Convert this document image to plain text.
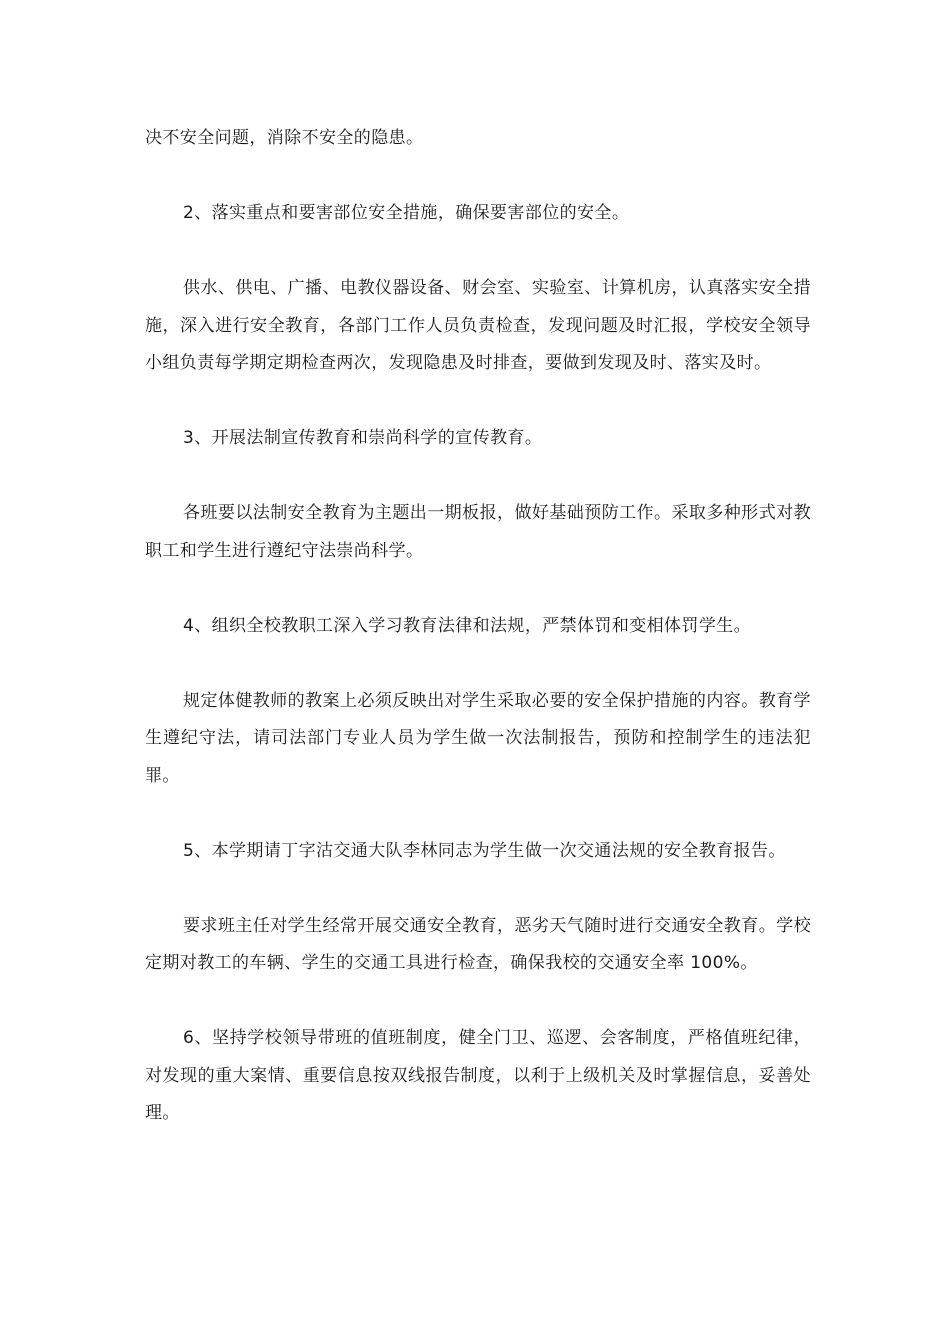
决不安全问题，消除不安全的隐患。

2、落实重点和要害部位安全措施，确保要害部位的安全。

供水、供电、广播、电教仪器设备、财会室、实验室、计算机房，认真落实安全措施，深入进行安全教育，各部门工作人员负责检查，发现问题及时汇报，学校安全领导小组负责每学期定期检查两次，发现隐患及时排查，要做到发现及时、落实及时。

3、开展法制宣传教育和崇尚科学的宣传教育。

各班要以法制安全教育为主题出一期板报，做好基础预防工作。采取多种形式对教职工和学生进行遵纪守法崇尚科学。

4、组织全校教职工深入学习教育法律和法规，严禁体罚和变相体罚学生。

规定体健教师的教案上必须反映出对学生采取必要的安全保护措施的内容。教育学生遵纪守法，请司法部门专业人员为学生做一次法制报告，预防和控制学生的违法犯罪。

5、本学期请丁字沽交通大队李林同志为学生做一次交通法规的安全教育报告。

要求班主任对学生经常开展交通安全教育，恶劣天气随时进行交通安全教育。学校定期对教工的车辆、学生的交通工具进行检查，确保我校的交通安全率 100%。

6、坚持学校领导带班的值班制度，健全门卫、巡逻、会客制度，严格值班纪律，对发现的重大案情、重要信息按双线报告制度，以利于上级机关及时掌握信息，妥善处理。
